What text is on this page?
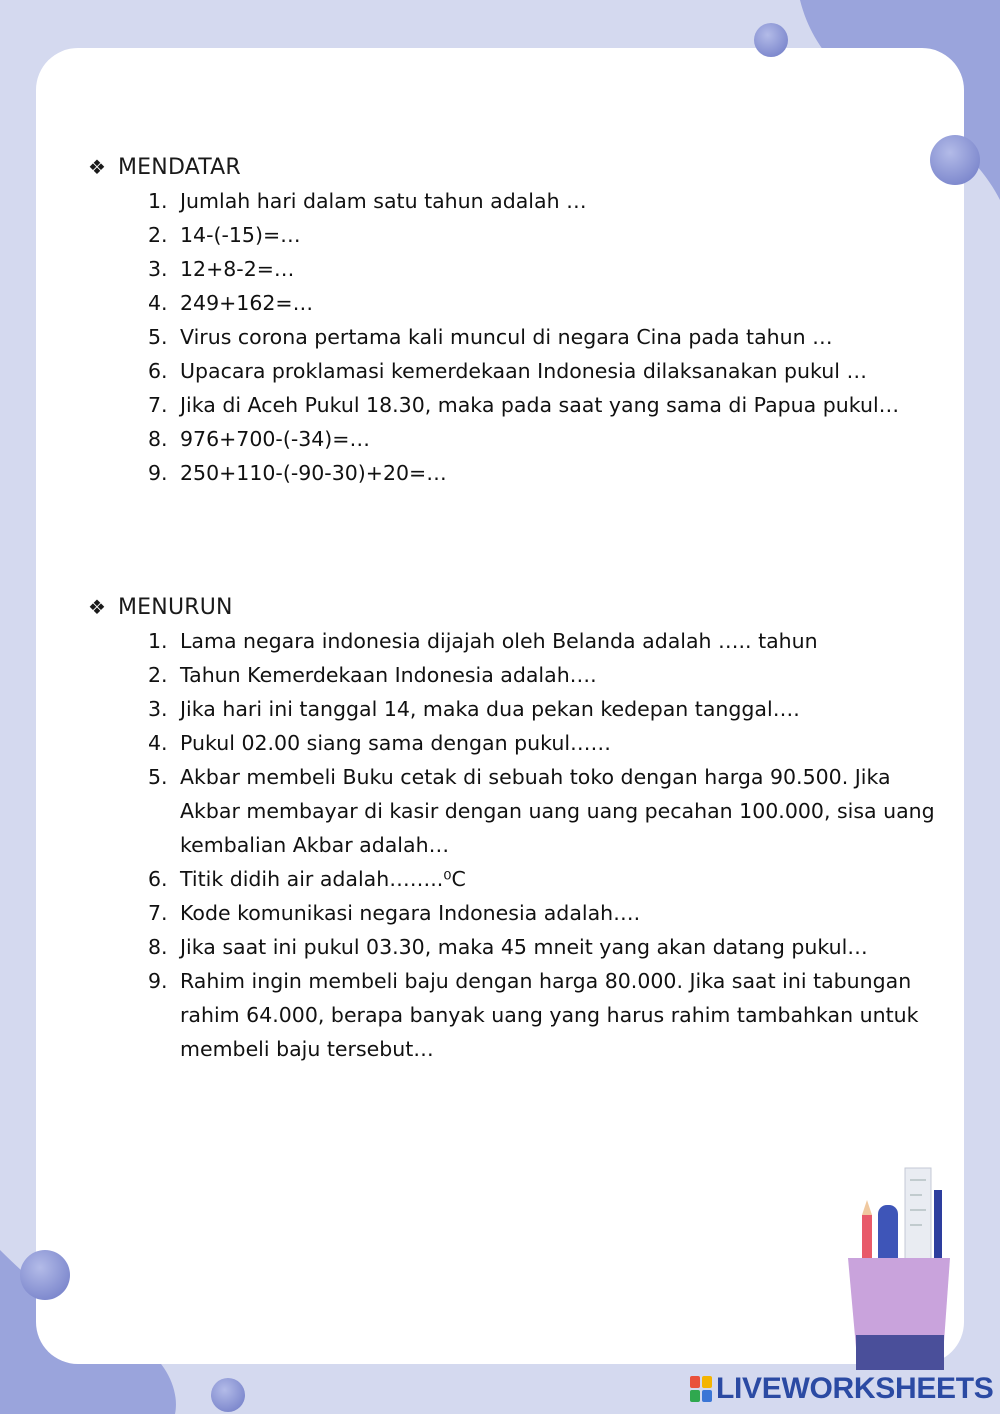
❖ MENDATAR
1. Jumlah hari dalam satu tahun adalah …
2. 14-(-15)=…
3. 12+8-2=…
4. 249+162=…
5. Virus corona pertama kali muncul di negara Cina pada tahun …
6. Upacara proklamasi kemerdekaan Indonesia dilaksanakan pukul …
7. Jika di Aceh Pukul 18.30, maka pada saat yang sama di Papua pukul…
8. 976+700-(-34)=…
9. 250+110-(-90-30)+20=…
❖ MENURUN
1. Lama negara indonesia dijajah oleh Belanda adalah ….. tahun
2. Tahun Kemerdekaan Indonesia adalah….
3. Jika hari ini tanggal 14, maka dua pekan kedepan tanggal….
4. Pukul 02.00 siang sama dengan pukul……
5. Akbar membeli Buku cetak di sebuah toko dengan harga 90.500. Jika Akbar membayar di kasir dengan uang uang pecahan 100.000, sisa uang kembalian Akbar adalah…
6. Titik didih air adalah……..⁰C
7. Kode komunikasi negara Indonesia adalah….
8. Jika saat ini pukul 03.30, maka 45 mneit yang akan datang pukul…
9. Rahim ingin membeli baju dengan harga 80.000. Jika saat ini tabungan rahim 64.000, berapa banyak uang yang harus rahim tambahkan untuk membeli baju tersebut…
LIVEWORKSHEETS
